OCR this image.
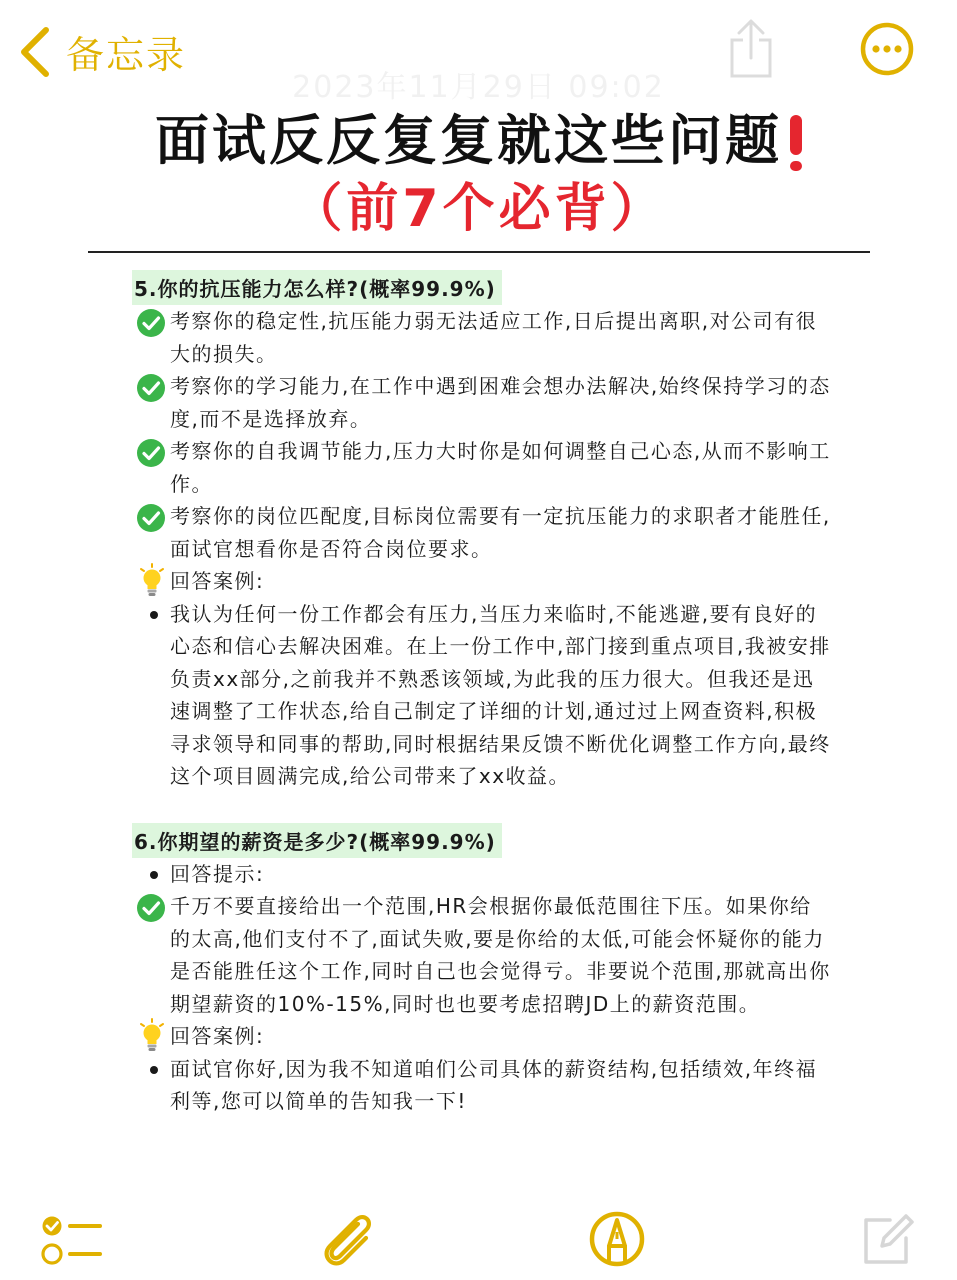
备忘录
2023年11月29日 09:02
面试反反复复就这些问题
（前7个必背）
5.你的抗压能力怎么样?(概率99.9%)
考察你的稳定性,抗压能力弱无法适应工作,日后提出离职,对公司有很大的损失。
考察你的学习能力,在工作中遇到困难会想办法解决,始终保持学习的态度,而不是选择放弃。
考察你的自我调节能力,压力大时你是如何调整自己心态,从而不影响工作。
考察你的岗位匹配度,目标岗位需要有一定抗压能力的求职者才能胜任,面试官想看你是否符合岗位要求。
回答案例:
我认为任何一份工作都会有压力,当压力来临时,不能逃避,要有良好的心态和信心去解决困难。在上一份工作中,部门接到重点项目,我被安排负责xx部分,之前我并不熟悉该领域,为此我的压力很大。但我还是迅速调整了工作状态,给自己制定了详细的计划,通过过上网查资料,积极寻求领导和同事的帮助,同时根据结果反馈不断优化调整工作方向,最终这个项目圆满完成,给公司带来了xx收益。
6.你期望的薪资是多少?(概率99.9%)
回答提示:
千万不要直接给出一个范围,HR会根据你最低范围往下压。如果你给的太高,他们支付不了,面试失败,要是你给的太低,可能会怀疑你的能力是否能胜任这个工作,同时自己也会觉得亏。非要说个范围,那就高出你期望薪资的10%-15%,同时也也要考虑招聘JD上的薪资范围。
回答案例:
面试官你好,因为我不知道咱们公司具体的薪资结构,包括绩效,年终福利等,您可以简单的告知我一下!
